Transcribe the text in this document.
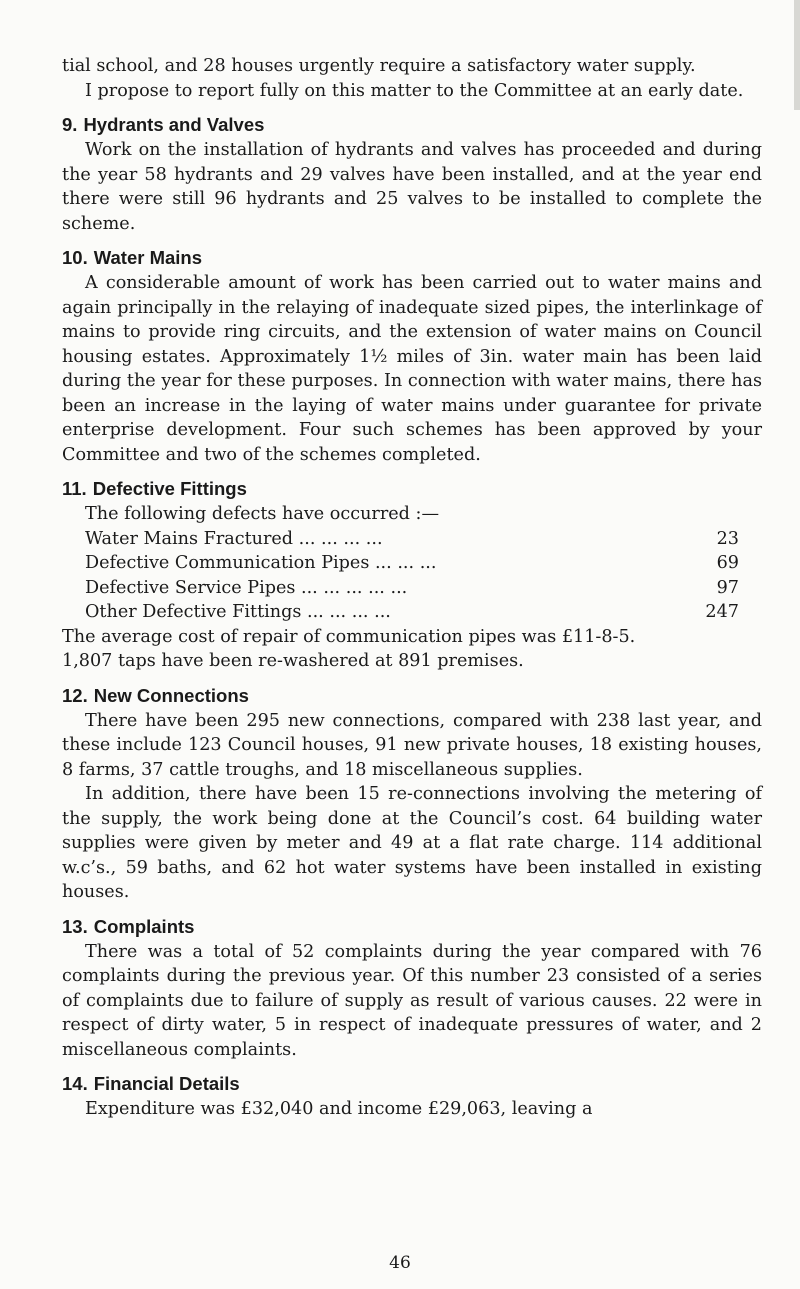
tial school, and 28 houses urgently require a satisfactory water supply.

I propose to report fully on this matter to the Committee at an early date.

9. Hydrants and Valves

Work on the installation of hydrants and valves has proceeded and during the year 58 hydrants and 29 valves have been installed, and at the year end there were still 96 hydrants and 25 valves to be installed to complete the scheme.

10. Water Mains

A considerable amount of work has been carried out to water mains and again principally in the relaying of inadequate sized pipes, the interlinkage of mains to provide ring circuits, and the extension of water mains on Council housing estates. Approximately 1½ miles of 3in. water main has been laid during the year for these purposes. In connection with water mains, there has been an increase in the laying of water mains under guarantee for private enterprise development. Four such schemes has been approved by your Committee and two of the schemes completed.

11. Defective Fittings

The following defects have occurred :—

Water Mains Fractured ... ... ... ...	23
Defective Communication Pipes ... ... ...	69
Defective Service Pipes ... ... ... ... ...	97
Other Defective Fittings ... ... ... ...	247

The average cost of repair of communication pipes was £11-8-5.

1,807 taps have been re-washered at 891 premises.

12. New Connections

There have been 295 new connections, compared with 238 last year, and these include 123 Council houses, 91 new private houses, 18 existing houses, 8 farms, 37 cattle troughs, and 18 miscellaneous supplies.

In addition, there have been 15 re-connections involving the metering of the supply, the work being done at the Council’s cost. 64 building water supplies were given by meter and 49 at a flat rate charge. 114 additional w.c’s., 59 baths, and 62 hot water systems have been installed in existing houses.

13. Complaints

There was a total of 52 complaints during the year compared with 76 complaints during the previous year. Of this number 23 consisted of a series of complaints due to failure of supply as result of various causes. 22 were in respect of dirty water, 5 in respect of inadequate pressures of water, and 2 miscellaneous complaints.

14. Financial Details

Expenditure was £32,040 and income £29,063, leaving a

46
